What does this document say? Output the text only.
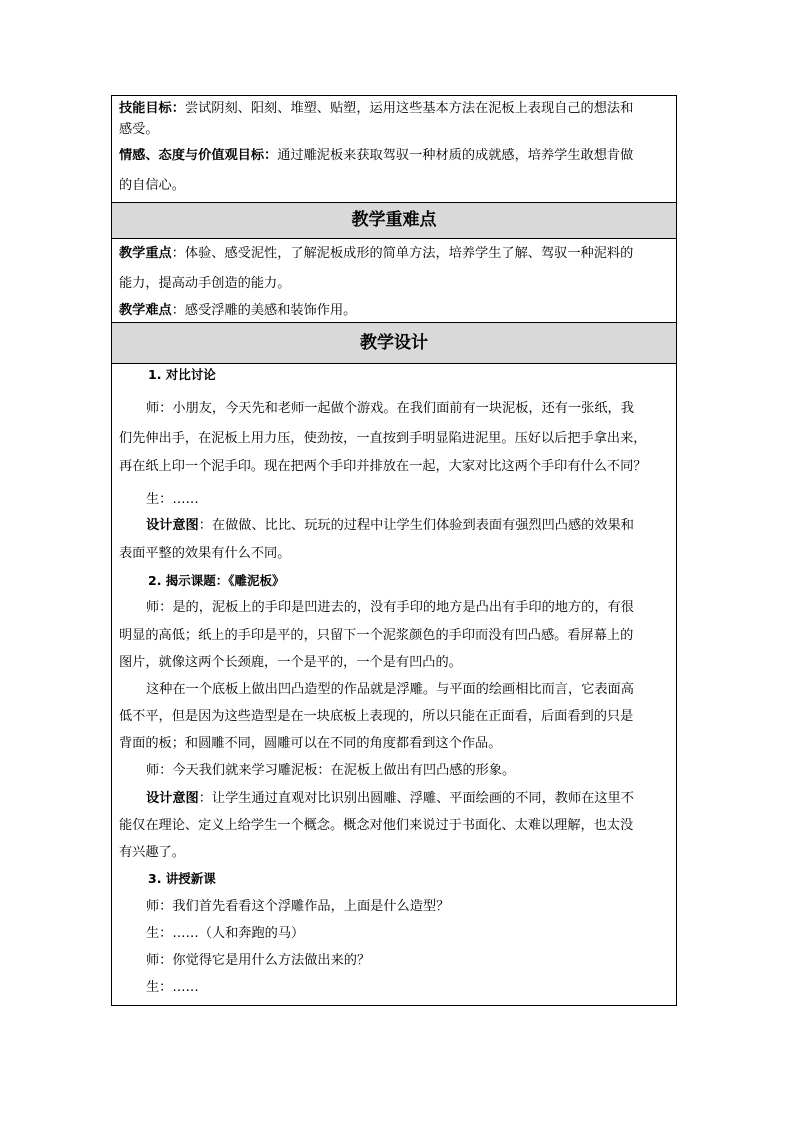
技能目标：尝试阴刻、阳刻、堆塑、贴塑，运用这些基本方法在泥板上表现自己的想法和
感受。
情感、态度与价值观目标：通过雕泥板来获取驾驭一种材质的成就感，培养学生敢想肯做
的自信心。
教学重难点
教学重点：体验、感受泥性，了解泥板成形的简单方法，培养学生了解、驾驭一种泥料的
能力，提高动手创造的能力。
教学难点：感受浮雕的美感和装饰作用。
教学设计
1. 对比讨论
师：小朋友，今天先和老师一起做个游戏。在我们面前有一块泥板，还有一张纸，我
们先伸出手，在泥板上用力压，使劲按，一直按到手明显陷进泥里。压好以后把手拿出来，
再在纸上印一个泥手印。现在把两个手印并排放在一起，大家对比这两个手印有什么不同？
生：……
设计意图：在做做、比比、玩玩的过程中让学生们体验到表面有强烈凹凸感的效果和
表面平整的效果有什么不同。
2. 揭示课题：《雕泥板》
师：是的，泥板上的手印是凹进去的，没有手印的地方是凸出有手印的地方的，有很
明显的高低；纸上的手印是平的，只留下一个泥浆颜色的手印而没有凹凸感。看屏幕上的
图片，就像这两个长颈鹿，一个是平的，一个是有凹凸的。
这种在一个底板上做出凹凸造型的作品就是浮雕。与平面的绘画相比而言，它表面高
低不平，但是因为这些造型是在一块底板上表现的，所以只能在正面看，后面看到的只是
背面的板；和圆雕不同，圆雕可以在不同的角度都看到这个作品。
师：今天我们就来学习雕泥板：在泥板上做出有凹凸感的形象。
设计意图：让学生通过直观对比识别出圆雕、浮雕、平面绘画的不同，教师在这里不
能仅在理论、定义上给学生一个概念。概念对他们来说过于书面化、太难以理解，也太没
有兴趣了。
3. 讲授新课
师：我们首先看看这个浮雕作品，上面是什么造型？
生：……（人和奔跑的马）
师：你觉得它是用什么方法做出来的？
生：……
